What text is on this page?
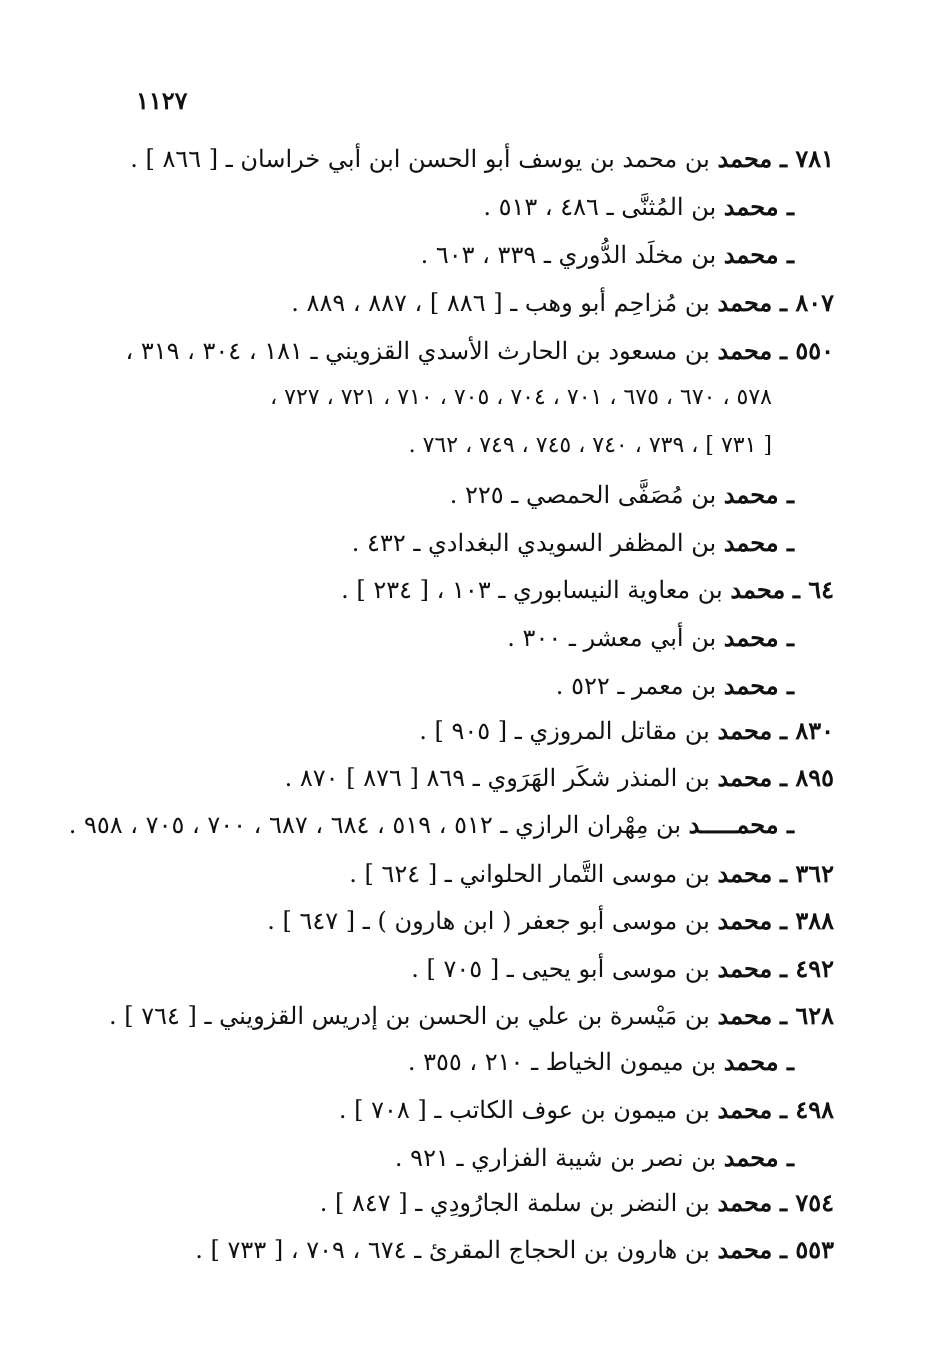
١١٢٧
٧٨١ ـ محمد بن محمد بن يوسف أبو الحسن ابن أبي خراسان ـ [ ٨٦٦ ] .
ـ محمد بن المُثنَّى ـ ٤٨٦ ، ٥١٣ .
ـ محمد بن مخلَد الدُّوري ـ ٣٣٩ ، ٦٠٣ .
٨٠٧ ـ محمد بن مُزاحِم أبو وهب ـ [ ٨٨٦ ] ، ٨٨٧ ، ٨٨٩ .
٥٥٠ ـ محمد بن مسعود بن الحارث الأسدي القزويني ـ ١٨١ ، ٣٠٤ ، ٣١٩ ،
٥٧٨ ، ٦٧٠ ، ٦٧٥ ، ٧٠١ ، ٧٠٤ ، ٧٠٥ ، ٧١٠ ، ٧٢١ ، ٧٢٧ ،
[ ٧٣١ ] ، ٧٣٩ ، ٧٤٠ ، ٧٤٥ ، ٧٤٩ ، ٧٦٢ .
ـ محمد بن مُصَفَّى الحمصي ـ ٢٢٥ .
ـ محمد بن المظفر السويدي البغدادي ـ ٤٣٢ .
٦٤ ـ محمد بن معاوية النيسابوري ـ ١٠٣ ، [ ٢٣٤ ] .
ـ محمد بن أبي معشر ـ ٣٠٠ .
ـ محمد بن معمر ـ ٥٢٢ .
٨٣٠ ـ محمد بن مقاتل المروزي ـ [ ٩٠٥ ] .
٨٩٥ ـ محمد بن المنذر شكَر الهَرَوي ـ ٨٦٩ [ ٨٧٦ ] ٨٧٠ .
ـ محمـــــد بن مِهْران الرازي ـ ٥١٢ ، ٥١٩ ، ٦٨٤ ، ٦٨٧ ، ٧٠٠ ، ٧٠٥ ، ٩٥٨ .
٣٦٢ ـ محمد بن موسى التَّمار الحلواني ـ [ ٦٢٤ ] .
٣٨٨ ـ محمد بن موسى أبو جعفر ( ابن هارون ) ـ [ ٦٤٧ ] .
٤٩٢ ـ محمد بن موسى أبو يحيى ـ [ ٧٠٥ ] .
٦٢٨ ـ محمد بن مَيْسرة بن علي بن الحسن بن إدريس القزويني ـ [ ٧٦٤ ] .
ـ محمد بن ميمون الخياط ـ ٢١٠ ، ٣٥٥ .
٤٩٨ ـ محمد بن ميمون بن عوف الكاتب ـ [ ٧٠٨ ] .
ـ محمد بن نصر بن شيبة الفزاري ـ ٩٢١ .
٧٥٤ ـ محمد بن النضر بن سلمة الجارُودِي ـ [ ٨٤٧ ] .
٥٥٣ ـ محمد بن هارون بن الحجاج المقرئ ـ ٦٧٤ ، ٧٠٩ ، [ ٧٣٣ ] .
